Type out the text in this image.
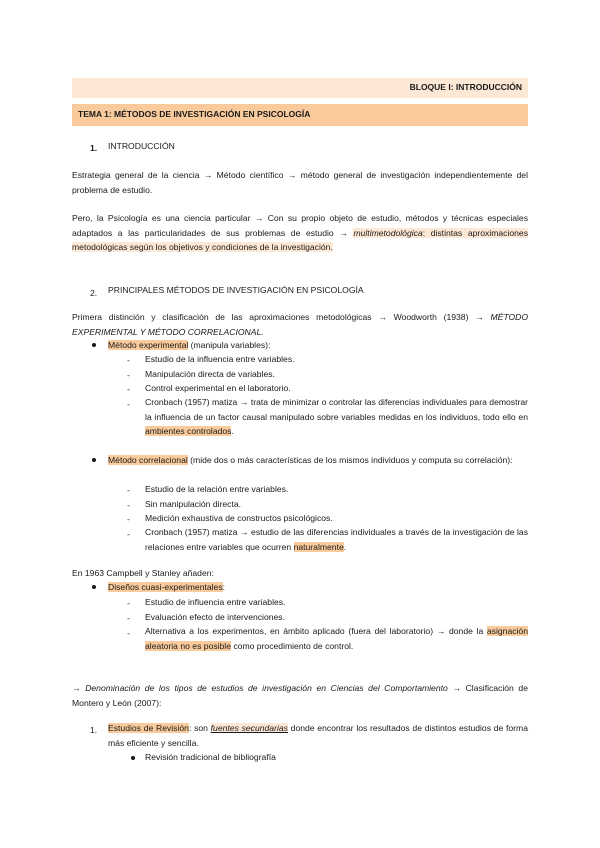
BLOQUE I: INTRODUCCIÓN
TEMA 1: MÉTODOS DE INVESTIGACIÓN EN PSICOLOGÍA
1. INTRODUCCIÓN
Estrategia general de la ciencia → Método científico → método general de investigación independientemente del problema de estudio.
Pero, la Psicología es una ciencia particular → Con su propio objeto de estudio, métodos y técnicas especiales adaptados a las particularidades de sus problemas de estudio → multimetodológica: distintas aproximaciones metodológicas según los objetivos y condiciones de la investigación.
2. PRINCIPALES MÉTODOS DE INVESTIGACIÓN EN PSICOLOGÍA
Primera distinción y clasificación de las aproximaciones metodológicas → Woodworth (1938) → MÉTODO EXPERIMENTAL Y MÉTODO CORRELACIONAL.
Método experimental (manipula variables):
- Estudio de la influencia entre variables.
- Manipulación directa de variables.
- Control experimental en el laboratorio.
- Cronbach (1957) matiza → trata de minimizar o controlar las diferencias individuales para demostrar la influencia de un factor causal manipulado sobre variables medidas en los individuos, todo ello en ambientes controlados.
Método correlacional (mide dos o más características de los mismos individuos y computa su correlación):
- Estudio de la relación entre variables.
- Sin manipulación directa.
- Medición exhaustiva de constructos psicológicos.
- Cronbach (1957) matiza → estudio de las diferencias individuales a través de la investigación de las relaciones entre variables que ocurren naturalmente.
En 1963 Campbell y Stanley añaden:
Diseños cuasi-experimentales:
- Estudio de influencia entre variables.
- Evaluación efecto de intervenciones.
- Alternativa a los experimentos, en ámbito aplicado (fuera del laboratorio) → donde la asignación aleatoria no es posible como procedimiento de control.
→ Denominación de los tipos de estudios de investigación en Ciencias del Comportamiento → Clasificación de Montero y León (2007):
1. Estudios de Revisión: son fuentes secundarias donde encontrar los resultados de distintos estudios de forma más eficiente y sencilla.
Revisión tradicional de bibliografía
